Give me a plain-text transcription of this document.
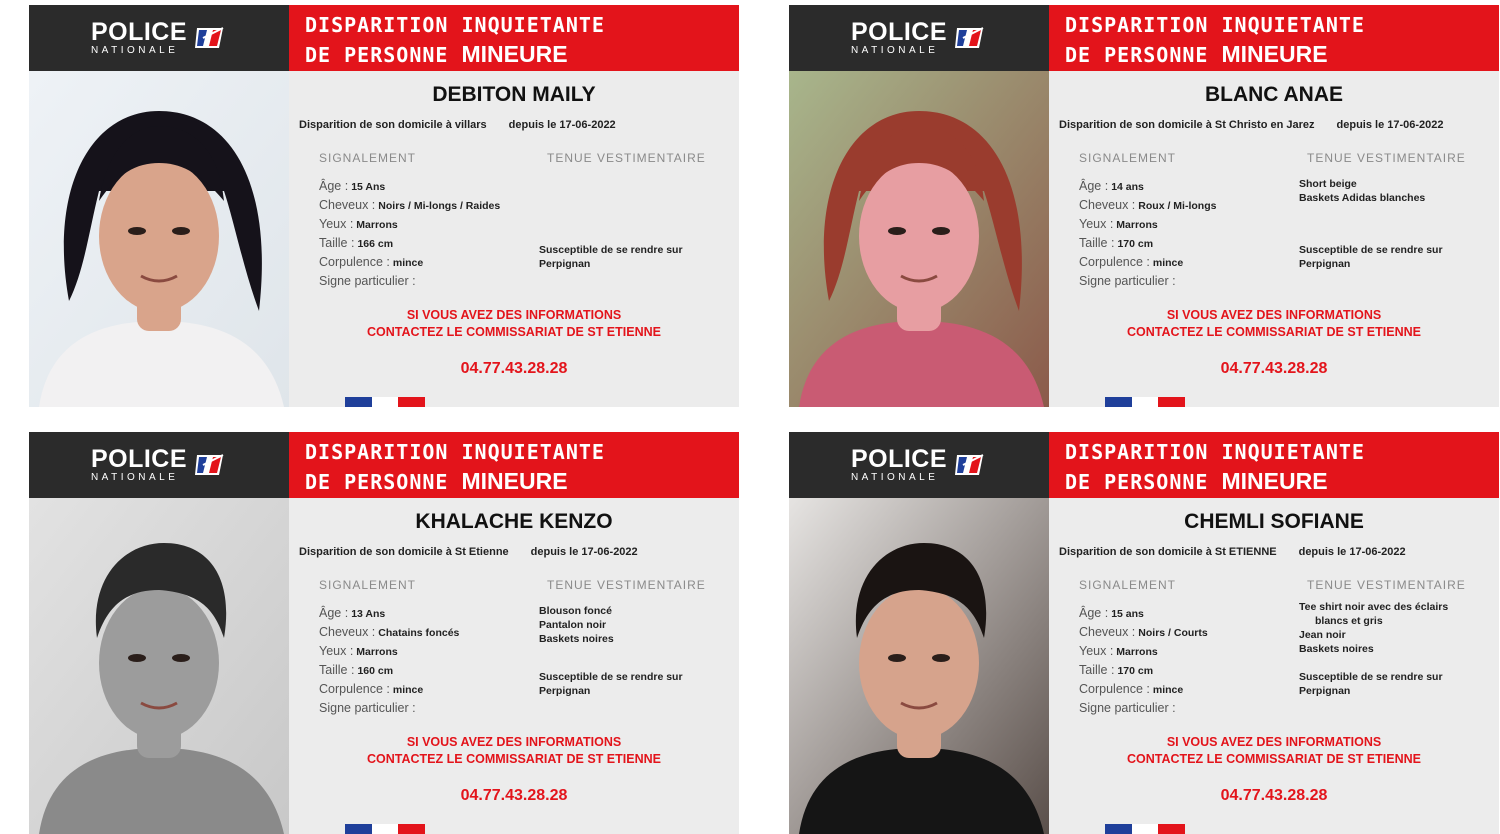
POLICE
NATIONALE
DISPARITION INQUIETANTE
DE PERSONNE MINEURE
DEBITON MAILY
Disparition de son domicile à villars depuis le 17-06-2022
SIGNALEMENT	TENUE VESTIMENTAIRE
Âge : 15 Ans
Cheveux : Noirs / Mi-longs / Raides
Yeux : Marrons
Taille : 166 cm
Corpulence : mince
Signe particulier :
Susceptible de se rendre sur
Perpignan
SI VOUS AVEZ DES INFORMATIONS
CONTACTEZ LE COMMISSARIAT DE ST ETIENNE
04.77.43.28.28
POLICE
NATIONALE
DISPARITION INQUIETANTE
DE PERSONNE MINEURE
BLANC ANAE
Disparition de son domicile à St Christo en Jarez depuis le 17-06-2022
SIGNALEMENT	TENUE VESTIMENTAIRE
Âge : 14 ans
Cheveux : Roux / Mi-longs
Yeux : Marrons
Taille : 170 cm
Corpulence : mince
Signe particulier :
Short beige
Baskets Adidas blanches
Susceptible de se rendre sur
Perpignan
SI VOUS AVEZ DES INFORMATIONS
CONTACTEZ LE COMMISSARIAT DE ST ETIENNE
04.77.43.28.28
POLICE
NATIONALE
DISPARITION INQUIETANTE
DE PERSONNE MINEURE
KHALACHE KENZO
Disparition de son domicile à St Etienne depuis le 17-06-2022
SIGNALEMENT	TENUE VESTIMENTAIRE
Âge : 13 Ans
Cheveux : Chatains foncés
Yeux : Marrons
Taille : 160 cm
Corpulence : mince
Signe particulier :
Blouson foncé
Pantalon noir
Baskets noires
Susceptible de se rendre sur
Perpignan
SI VOUS AVEZ DES INFORMATIONS
CONTACTEZ LE COMMISSARIAT DE ST ETIENNE
04.77.43.28.28
POLICE
NATIONALE
DISPARITION INQUIETANTE
DE PERSONNE MINEURE
CHEMLI SOFIANE
Disparition de son domicile à St ETIENNE depuis le 17-06-2022
SIGNALEMENT	TENUE VESTIMENTAIRE
Âge : 15 ans
Cheveux : Noirs / Courts
Yeux : Marrons
Taille : 170 cm
Corpulence : mince
Signe particulier :
Tee shirt noir avec des éclairs
blancs et gris
Jean noir
Baskets noires
Susceptible de se rendre sur
Perpignan
SI VOUS AVEZ DES INFORMATIONS
CONTACTEZ LE COMMISSARIAT DE ST ETIENNE
04.77.43.28.28
